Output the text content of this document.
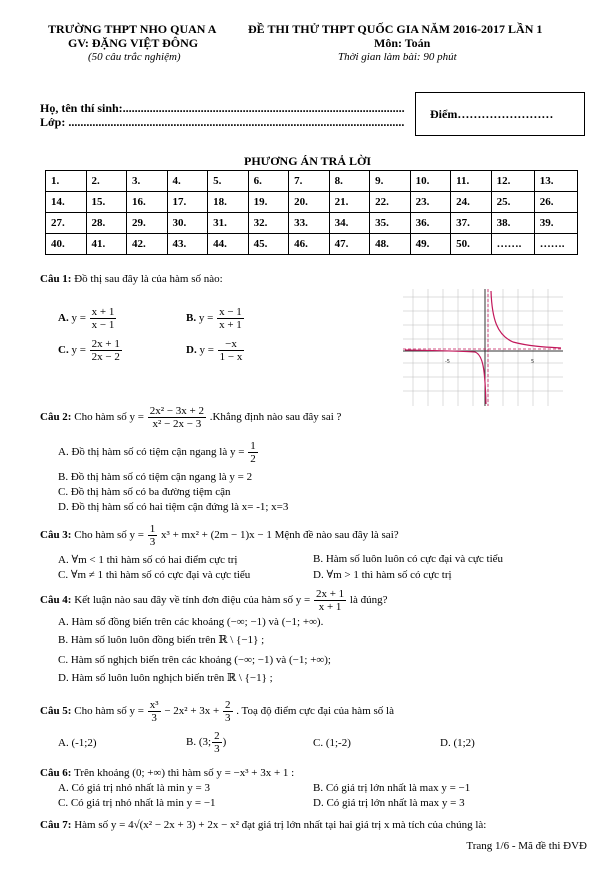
TRƯỜNG THPT NHO QUAN A
GV: ĐẶNG VIỆT ĐÔNG
(50 câu trắc nghiệm)
ĐỀ THI THỬ THPT QUỐC GIA NĂM 2016-2017 LẦN 1
Môn: Toán
Thời gian làm bài: 90 phút
Họ, tên thí sinh:..............................................................................................
Lớp: ................................................................................................................
Điểm……………………
PHƯƠNG ÁN TRẢ LỜI
1.	2.	3.	4.	5.	6.	7.	8.	9.	10.	11.	12.	13.
14.	15.	16.	17.	18.	19.	20.	21.	22.	23.	24.	25.	26.
27.	28.	29.	30.	31.	32.	33.	34.	35.	36.	37.	38.	39.
40.	41.	42.	43.	44.	45.	46.	47.	48.	49.	50.	…….	…….
Câu 1: Đồ thị sau đây là của hàm số nào:
A. $y = \frac{x + 1}{x - 1}$	B. $y = \frac{x - 1}{x + 1}$
C. $y = \frac{2x + 1}{2x - 2}$	D. $y = \frac{-x}{1 - x}$	-5	5
Câu 2: Cho hàm số $y = \frac{\text{2x² − 3x + 2}}{\text{x² − 2x − 3}}$ .Khẳng định nào sau đây sai ?
A. Đồ thị hàm số có tiệm cận ngang là $y = \frac{1}{2}$
B. Đồ thị hàm số có tiệm cận ngang là y = 2
C. Đồ thị hàm số có ba đường tiệm cận
D. Đồ thị hàm số có hai tiệm cận đứng là x= -1; x=3
Câu 3: Cho hàm số $y = \frac{1}{3} x^3 + mx^2 + (2m - 1)x - 1$ Mệnh đề nào sau đây là sai?
A. ∀m < 1 thì hàm số có hai điểm cực trị	B. Hàm số luôn luôn có cực đại và cực tiểu
C. ∀m ≠ 1 thì hàm số có cực đại và cực tiểu	D. ∀m > 1 thì hàm số có cực trị
Câu 4: Kết luận nào sau đây về tính đơn điệu của hàm số $y = \frac{2x + 1}{x + 1}$ là đúng?
A. Hàm số đồng biến trên các khoảng (−∞; −1) và (−1; +∞).
B. Hàm số luôn luôn đồng biến trên ℝ \ {−1} ;
C. Hàm số nghịch biến trên các khoảng (−∞; −1) và (−1; +∞);
D. Hàm số luôn luôn nghịch biến trên ℝ \ {−1} ;
Câu 5: Cho hàm số $y = \frac{\text{x³}}{3} - 2x^2 + 3x + \frac{2}{3}$ . Toạ độ điểm cực đại của hàm số là
A. (-1;2)	B. (3; $\frac{2}{3}$ )	C. (1;-2)	D. (1;2)
Câu 6: Trên khoảng (0; +∞) thì hàm số y = −x³ + 3x + 1 :
A. Có giá trị nhỏ nhất là min y = 3	B. Có giá trị lớn nhất là max y = −1
C. Có giá trị nhỏ nhất là min y = −1	D. Có giá trị lớn nhất là max y = 3
Câu 7: Hàm số y = 4√(x² − 2x + 3) + 2x − x² đạt giá trị lớn nhất tại hai giá trị x mà tích của chúng là:
Trang 1/6 - Mã đề thi ĐVĐ
